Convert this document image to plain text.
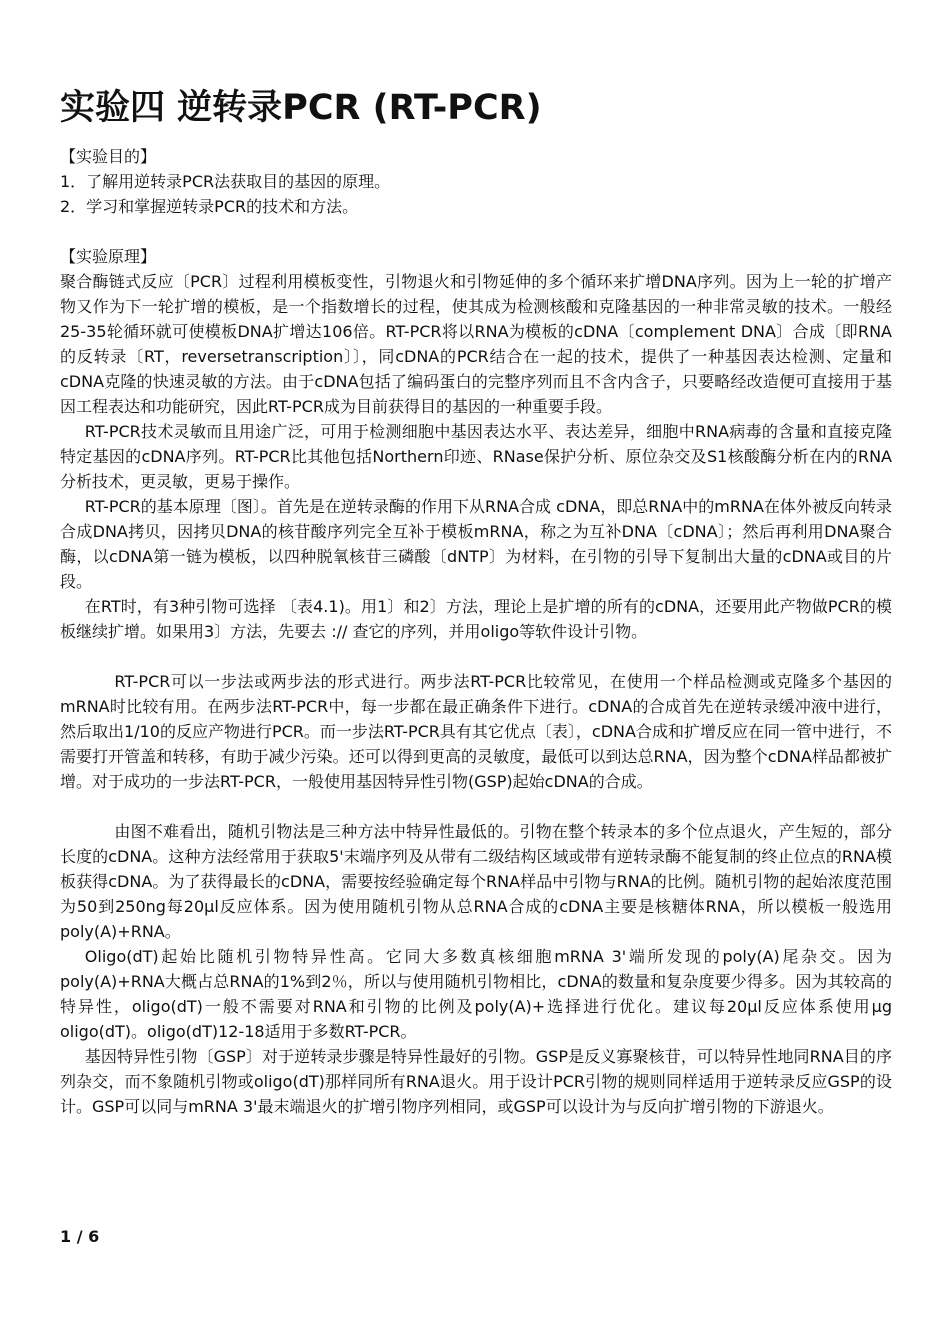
实验四 逆转录PCR (RT-PCR)

【实验目的】

1．了解用逆转录PCR法获取目的基因的原理。

2．学习和掌握逆转录PCR的技术和方法。

【实验原理】

聚合酶链式反应〔PCR〕过程利用模板变性，引物退火和引物延伸的多个循环来扩增DNA序列。因为上一轮的扩增产物又作为下一轮扩增的模板，是一个指数增长的过程，使其成为检测核酸和克隆基因的一种非常灵敏的技术。一般经25-35轮循环就可使模板DNA扩增达106倍。RT-PCR将以RNA为模板的cDNA〔complement DNA〕合成〔即RNA的反转录〔RT，reversetranscription〕〕，同cDNA的PCR结合在一起的技术，提供了一种基因表达检测、定量和cDNA克隆的快速灵敏的方法。由于cDNA包括了编码蛋白的完整序列而且不含内含子，只要略经改造便可直接用于基因工程表达和功能研究，因此RT-PCR成为目前获得目的基因的一种重要手段。

RT-PCR技术灵敏而且用途广泛，可用于检测细胞中基因表达水平、表达差异，细胞中RNA病毒的含量和直接克隆特定基因的cDNA序列。RT-PCR比其他包括Northern印迹、RNase保护分析、原位杂交及S1核酸酶分析在内的RNA分析技术，更灵敏，更易于操作。

RT-PCR的基本原理〔图〕。首先是在逆转录酶的作用下从RNA合成 cDNA，即总RNA中的mRNA在体外被反向转录合成DNA拷贝，因拷贝DNA的核苷酸序列完全互补于模板mRNA，称之为互补DNA〔cDNA〕；然后再利用DNA聚合酶，以cDNA第一链为模板，以四种脱氧核苷三磷酸〔dNTP〕为材料，在引物的引导下复制出大量的cDNA或目的片段。

在RT时，有3种引物可选择 〔表4.1)。用1〕和2〕方法，理论上是扩增的所有的cDNA，还要用此产物做PCR的模板继续扩增。如果用3〕方法，先要去 :// 查它的序列，并用oligo等软件设计引物。

RT-PCR可以一步法或两步法的形式进行。两步法RT-PCR比较常见，在使用一个样品检测或克隆多个基因的mRNA时比较有用。在两步法RT-PCR中，每一步都在最正确条件下进行。cDNA的合成首先在逆转录缓冲液中进行，然后取出1/10的反应产物进行PCR。而一步法RT-PCR具有其它优点〔表〕，cDNA合成和扩增反应在同一管中进行，不需要打开管盖和转移，有助于减少污染。还可以得到更高的灵敏度，最低可以到达总RNA，因为整个cDNA样品都被扩增。对于成功的一步法RT-PCR，一般使用基因特异性引物(GSP)起始cDNA的合成。

由图不难看出，随机引物法是三种方法中特异性最低的。引物在整个转录本的多个位点退火，产生短的，部分长度的cDNA。这种方法经常用于获取5'末端序列及从带有二级结构区域或带有逆转录酶不能复制的终止位点的RNA模板获得cDNA。为了获得最长的cDNA，需要按经验确定每个RNA样品中引物与RNA的比例。随机引物的起始浓度范围为50到250ng每20μl反应体系。因为使用随机引物从总RNA合成的cDNA主要是核糖体RNA，所以模板一般选用poly(A)+RNA。

Oligo(dT)起始比随机引物特异性高。它同大多数真核细胞mRNA 3'端所发现的poly(A)尾杂交。因为poly(A)+RNA大概占总RNA的1%到2％，所以与使用随机引物相比，cDNA的数量和复杂度要少得多。因为其较高的特异性，oligo(dT)一般不需要对RNA和引物的比例及poly(A)+选择进行优化。建议每20μl反应体系使用μg oligo(dT)。oligo(dT)12-18适用于多数RT-PCR。

基因特异性引物〔GSP〕对于逆转录步骤是特异性最好的引物。GSP是反义寡聚核苷，可以特异性地同RNA目的序列杂交，而不象随机引物或oligo(dT)那样同所有RNA退火。用于设计PCR引物的规则同样适用于逆转录反应GSP的设计。GSP可以同与mRNA 3'最末端退火的扩增引物序列相同，或GSP可以设计为与反向扩增引物的下游退火。

1 / 6
